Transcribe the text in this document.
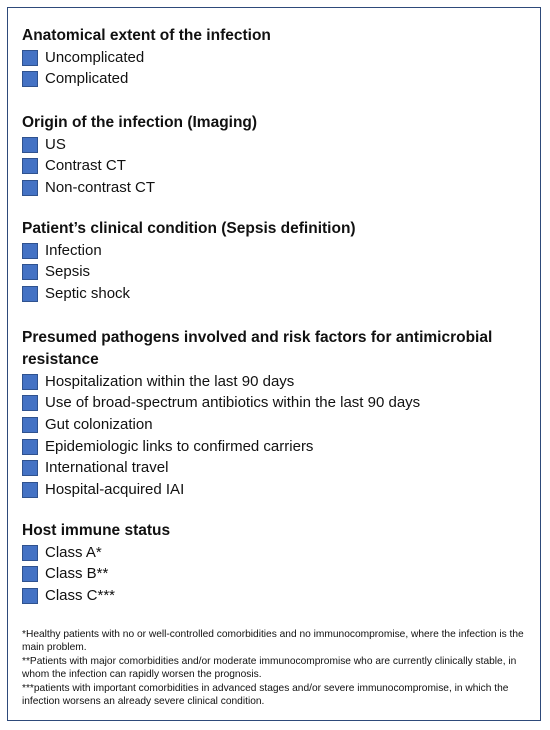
Anatomical extent of the infection
Uncomplicated
Complicated
Origin of the infection (Imaging)
US
Contrast CT
Non-contrast CT
Patient’s clinical condition (Sepsis definition)
Infection
Sepsis
Septic shock
Presumed pathogens involved and risk factors for antimicrobial resistance
Hospitalization within the last 90 days
Use of broad-spectrum antibiotics within the last 90 days
Gut colonization
Epidemiologic links to confirmed carriers
International travel
Hospital-acquired IAI
Host immune status
Class A*
Class B**
Class C***

*Healthy patients with no or well-controlled comorbidities and no immunocompromise, where the infection is the main problem.

**Patients with major comorbidities and/or moderate immunocompromise who are currently clinically stable, in whom the infection can rapidly worsen the prognosis.

***patients with important comorbidities in advanced stages and/or severe immunocompromise, in which the infection worsens an already severe clinical condition.
